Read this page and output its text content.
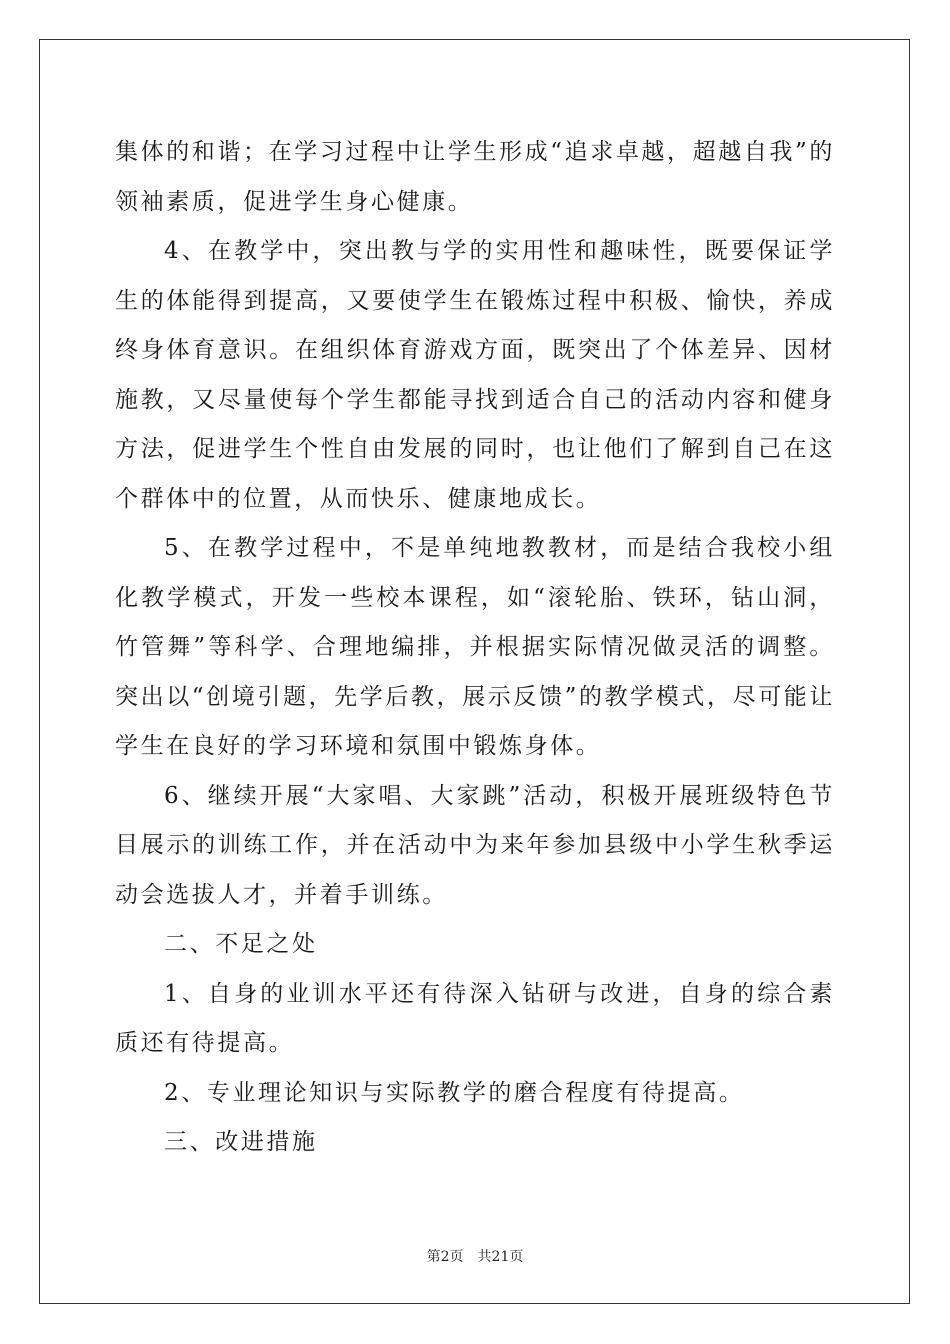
集体的和谐；在学习过程中让学生形成“追求卓越，超越自我”的领袖素质，促进学生身心健康。

4、在教学中，突出教与学的实用性和趣味性，既要保证学生的体能得到提高，又要使学生在锻炼过程中积极、愉快，养成终身体育意识。在组织体育游戏方面，既突出了个体差异、因材施教，又尽量使每个学生都能寻找到适合自己的活动内容和健身方法，促进学生个性自由发展的同时，也让他们了解到自己在这个群体中的位置，从而快乐、健康地成长。

5、在教学过程中，不是单纯地教教材，而是结合我校小组化教学模式，开发一些校本课程，如“滚轮胎、铁环，钻山洞，竹管舞”等科学、合理地编排，并根据实际情况做灵活的调整。突出以“创境引题，先学后教，展示反馈”的教学模式，尽可能让学生在良好的学习环境和氛围中锻炼身体。

6、继续开展“大家唱、大家跳”活动，积极开展班级特色节目展示的训练工作，并在活动中为来年参加县级中小学生秋季运动会选拔人才，并着手训练。

二、不足之处

1、自身的业训水平还有待深入钻研与改进，自身的综合素质还有待提高。

2、专业理论知识与实际教学的磨合程度有待提高。

三、改进措施

第2页 共21页
